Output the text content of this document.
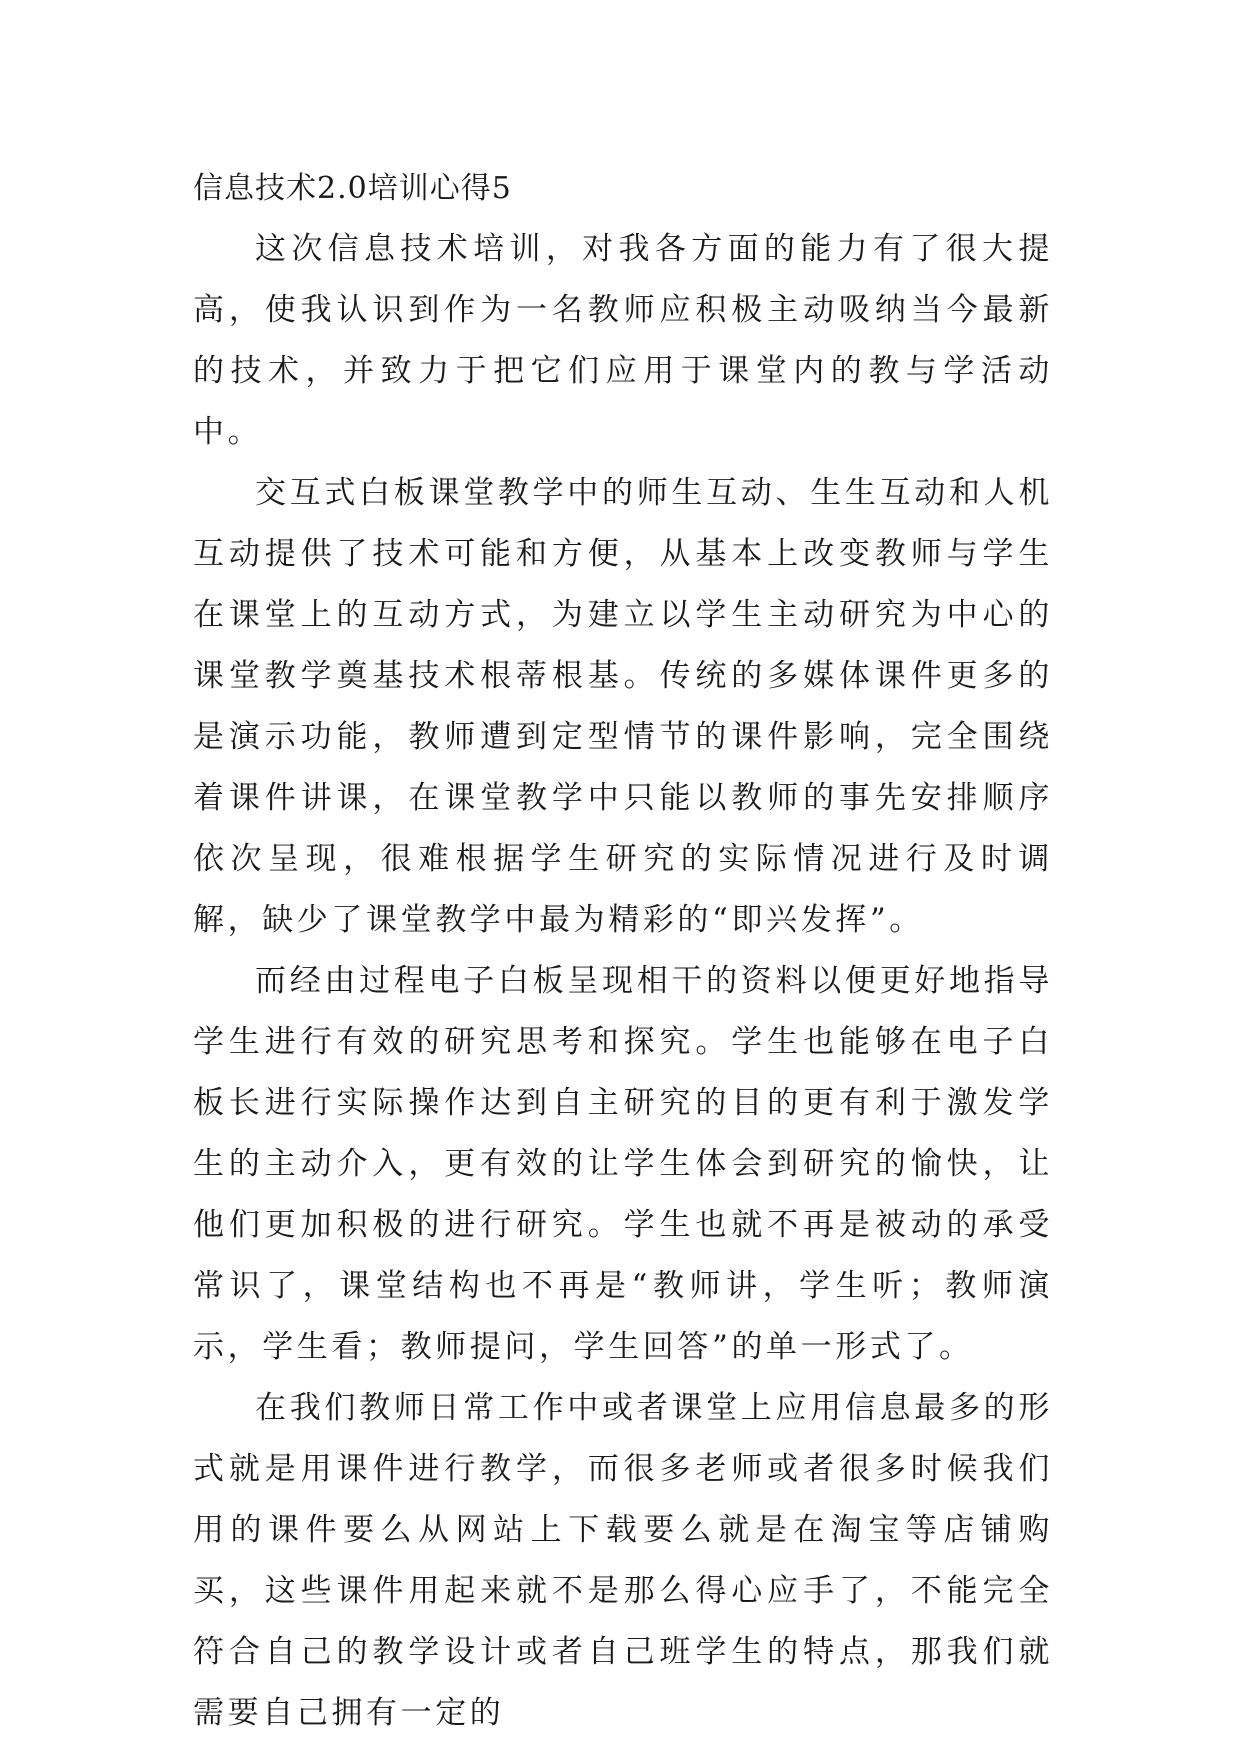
信息技术2.0培训心得5

这次信息技术培训，对我各方面的能力有了很大提高，使我认识到作为一名教师应积极主动吸纳当今最新的技术，并致力于把它们应用于课堂内的教与学活动中。

交互式白板课堂教学中的师生互动、生生互动和人机互动提供了技术可能和方便，从基本上改变教师与学生在课堂上的互动方式，为建立以学生主动研究为中心的课堂教学奠基技术根蒂根基。传统的多媒体课件更多的是演示功能，教师遭到定型情节的课件影响，完全围绕着课件讲课，在课堂教学中只能以教师的事先安排顺序依次呈现，很难根据学生研究的实际情况进行及时调解，缺少了课堂教学中最为精彩的“即兴发挥”。

而经由过程电子白板呈现相干的资料以便更好地指导学生进行有效的研究思考和探究。学生也能够在电子白板长进行实际操作达到自主研究的目的更有利于激发学生的主动介入，更有效的让学生体会到研究的愉快，让他们更加积极的进行研究。学生也就不再是被动的承受常识了，课堂结构也不再是“教师讲，学生听；教师演示，学生看；教师提问，学生回答”的单一形式了。

在我们教师日常工作中或者课堂上应用信息最多的形式就是用课件进行教学，而很多老师或者很多时候我们用的课件要么从网站上下载要么就是在淘宝等店铺购买，这些课件用起来就不是那么得心应手了，不能完全符合自己的教学设计或者自己班学生的特点，那我们就需要自己拥有一定的
